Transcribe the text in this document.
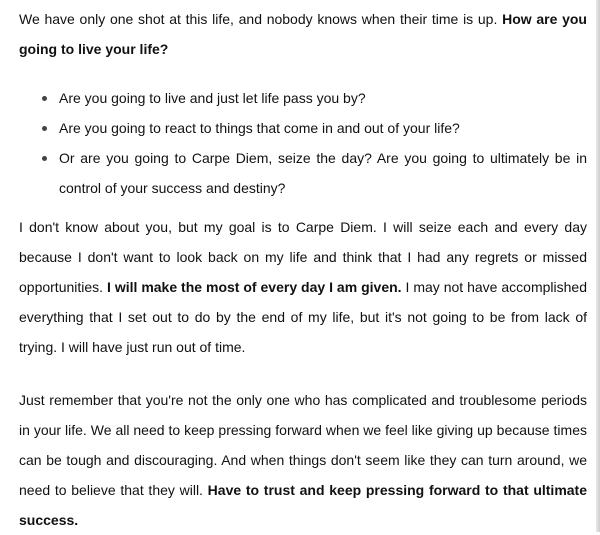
We have only one shot at this life, and nobody knows when their time is up. How are you going to live your life?

Are you going to live and just let life pass you by?
Are you going to react to things that come in and out of your life?
Or are you going to Carpe Diem, seize the day? Are you going to ultimately be in control of your success and destiny?

I don't know about you, but my goal is to Carpe Diem. I will seize each and every day because I don't want to look back on my life and think that I had any regrets or missed opportunities. I will make the most of every day I am given. I may not have accomplished everything that I set out to do by the end of my life, but it's not going to be from lack of trying. I will have just run out of time.

Just remember that you're not the only one who has complicated and troublesome periods in your life. We all need to keep pressing forward when we feel like giving up because times can be tough and discouraging. And when things don't seem like they can turn around, we need to believe that they will. Have to trust and keep pressing forward to that ultimate success.
